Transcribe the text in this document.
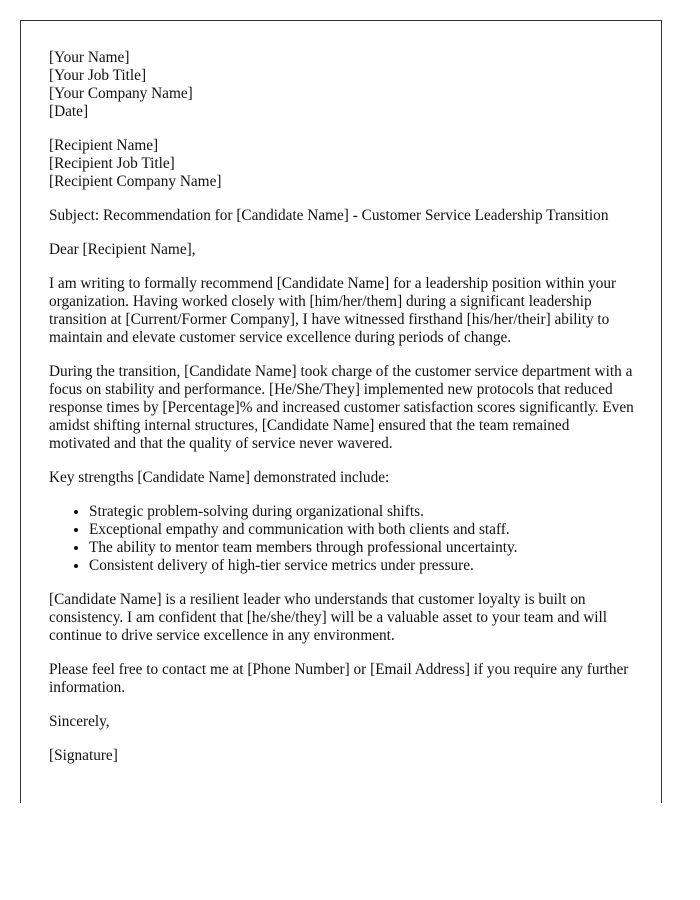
[Your Name]
[Your Job Title]
[Your Company Name]
[Date]

[Recipient Name]
[Recipient Job Title]
[Recipient Company Name]

Subject: Recommendation for [Candidate Name] - Customer Service Leadership Transition

Dear [Recipient Name],

I am writing to formally recommend [Candidate Name] for a leadership position within your organization. Having worked closely with [him/her/them] during a significant leadership transition at [Current/Former Company], I have witnessed firsthand [his/her/their] ability to maintain and elevate customer service excellence during periods of change.

During the transition, [Candidate Name] took charge of the customer service department with a focus on stability and performance. [He/She/They] implemented new protocols that reduced response times by [Percentage]% and increased customer satisfaction scores significantly. Even amidst shifting internal structures, [Candidate Name] ensured that the team remained motivated and that the quality of service never wavered.

Key strengths [Candidate Name] demonstrated include:

• Strategic problem-solving during organizational shifts.
• Exceptional empathy and communication with both clients and staff.
• The ability to mentor team members through professional uncertainty.
• Consistent delivery of high-tier service metrics under pressure.

[Candidate Name] is a resilient leader who understands that customer loyalty is built on consistency. I am confident that [he/she/they] will be a valuable asset to your team and will continue to drive service excellence in any environment.

Please feel free to contact me at [Phone Number] or [Email Address] if you require any further information.

Sincerely,

[Signature]
